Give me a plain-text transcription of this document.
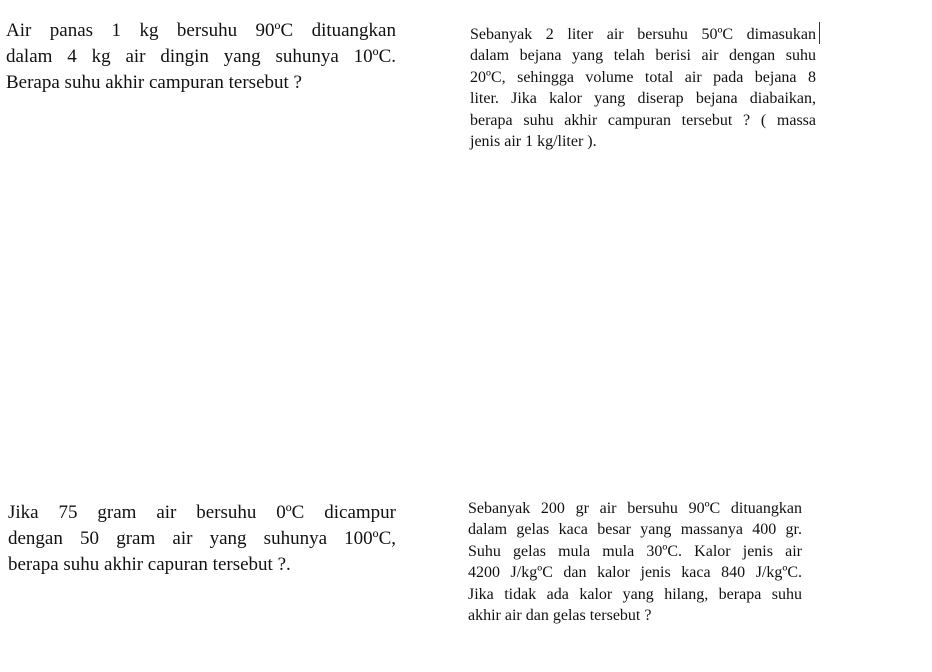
Air panas 1 kg bersuhu 90ºC dituangkan
dalam 4 kg air dingin yang suhunya 10ºC.
Berapa suhu akhir campuran tersebut ?
Sebanyak 2 liter air bersuhu 50ºC dimasukan
dalam bejana yang telah berisi air dengan suhu
20ºC, sehingga volume total air pada bejana 8
liter. Jika kalor yang diserap bejana diabaikan,
berapa suhu akhir campuran tersebut ? ( massa
jenis air 1 kg/liter ).
Jika 75 gram air bersuhu 0ºC dicampur
dengan 50 gram air yang suhunya 100ºC,
berapa suhu akhir capuran tersebut ?.
Sebanyak 200 gr air bersuhu 90ºC dituangkan
dalam gelas kaca besar yang massanya 400 gr.
Suhu gelas mula mula 30ºC. Kalor jenis air
4200 J/kgºC dan kalor jenis kaca 840 J/kgºC.
Jika tidak ada kalor yang hilang, berapa suhu
akhir air dan gelas tersebut ?
